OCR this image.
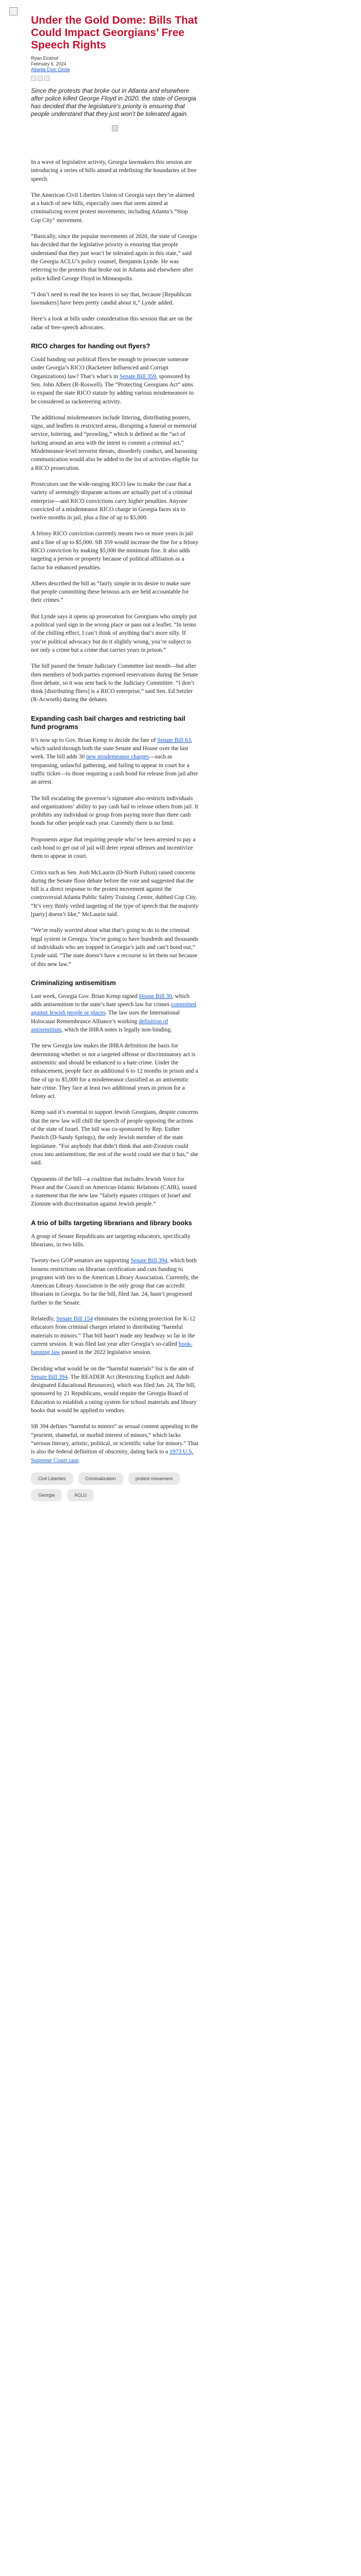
Under the Gold Dome: Bills That Could Impact Georgians’ Free Speech Rights
Ryan Eickhof
February 6, 2024
Atlanta Civic Circle

Since the protests that broke out in Atlanta and elsewhere after police killed George Floyd in 2020, the state of Georgia has decided that the legislature's priority is ensuring that people understand that they just won’t be tolerated again.

In a wave of legislative activity, Georgia lawmakers this session are introducing a series of bills aimed at redefining the boundaries of free speech.

The American Civil Liberties Union of Georgia says they’re alarmed at a batch of new bills, especially ones that seem aimed at criminalizing recent protest movements, including Atlanta’s “Stop Cop City” movement.

“Basically, since the popular movements of 2020, the state of Georgia has decided that the legislative priority is ensuring that people understand that they just won’t be tolerated again in this state,” said the Georgia ACLU’s policy counsel, Benjamin Lynde. He was referring to the protests that broke out in Atlanta and elsewhere after police killed George Floyd in Minneapolis.

“I don’t need to read the tea leaves to say that, because [Republican lawmakers] have been pretty candid about it,” Lynde added.

Here’s a look at bills under consideration this session that are on the radar of free-speech advocates.

RICO charges for handing out flyers?

Could handing out political fliers be enough to prosecute someone under Georgia’s RICO (Racketeer Influenced and Corrupt Organizations) law? That’s what’s in Senate Bill 359, sponsored by Sen. John Albers (R-Roswell). The “Protecting Georgians Act” aims to expand the state RICO statute by adding various misdemeanors to be considered as racketeering activity.

The additional misdemeanors include littering, distributing posters, signs, and leaflets in restricted areas, disrupting a funeral or memorial service, loitering, and “prowling,” which is defined as the “act of lurking around an area with the intent to commit a criminal act.” Misdemeanor-level terrorist threats, disorderly conduct, and harassing communication would also be added to the list of activities eligible for a RICO prosecution.

Prosecutors use the wide-ranging RICO law to make the case that a variety of seemingly disparate actions are actually part of a criminal enterprise—and RICO convictions carry higher penalties. Anyone convicted of a misdemeanor RICO charge in Georgia faces six to twelve months in jail, plus a fine of up to $5,000.

A felony RICO conviction currently means two or more years in jail and a fine of up to $5,000. SB 359 would increase the fine for a felony RICO conviction by making $5,000 the minimum fine. It also adds targeting a person or property because of political affiliation as a factor for enhanced penalties.

Albers described the bill as “fairly simple in its desire to make sure that people committing these heinous acts are held accountable for their crimes.”

But Lynde says it opens up prosecution for Georgians who simply put a political yard sign in the wrong place or pass out a leaflet. “In terms of the chilling effect, I can’t think of anything that’s more silly. If you’re political advocacy but do it slightly wrong, you’re subject to not only a crime but a crime that carries years in prison.”

The bill passed the Senate Judiciary Committee last month—but after then members of both parties expressed reservations during the Senate floor debate, so it was sent back to the Judiciary Committee. “I don’t think [distributing fliers] is a RICO enterprise,” said Sen. Ed Setzler (R-Acworth) during the debates.

Expanding cash bail charges and restricting bail fund programs

It’s now up to Gov. Brian Kemp to decide the fate of Senate Bill 63, which sailed through both the state Senate and House over the last week. The bill adds 30 new misdemeanor charges—such as trespassing, unlawful gathering, and failing to appear in court for a traffic ticket—to those requiring a cash bond for release from jail after an arrest.

The bill escalating the governor’s signature also restricts individuals and organizations’ ability to pay cash bail to release others from jail. It prohibits any individual or group from paying more than three cash bonds for other people each year. Currently there is no limit.

Proponents argue that requiring people who’ve been arrested to pay a cash bond to get out of jail will deter repeat offenses and incentivize them to appear in court.

Critics such as Sen. Josh McLaurin (D-North Fulton) raised concerns during the Senate floor debate before the vote and suggested that the bill is a direct response to the protest movement against the controversial Atlanta Public Safety Training Center, dubbed Cop City. “It’s very thinly veiled targeting of the type of speech that the majority [party] doesn’t like,” McLaurin said.

“We’re really worried about what that’s going to do to the criminal legal system in Georgia. You’re going to have hundreds and thousands of individuals who are trapped in Georgia’s jails and can’t bond out,” Lynde said. “The state doesn’t have a recourse to let them out because of this new law.”

Criminalizing antisemitism

Last week, Georgia Gov. Brian Kemp signed House Bill 30, which adds antisemitism to the state’s hate speech law for crimes committed against Jewish people or places. The law uses the International Holocaust Remembrance Alliance’s working definition of antisemitism, which the IHRA notes is legally non-binding.

The new Georgia law makes the IHRA definition the basis for determining whether or not a targeted offense or discriminatory act is antisemitic and should be enhanced to a hate crime. Under the enhancement, people face an additional 6 to 12 months in prison and a fine of up to $5,000 for a misdemeanor classified as an antisemitic hate crime. They face at least two additional years in prison for a felony act.

Kemp said it’s essential to support Jewish Georgians, despite concerns that the new law will chill the speech of people opposing the actions of the state of Israel. The bill was co-sponsored by Rep. Esther Panitch (D-Sandy Springs), the only Jewish member of the state legislature. “For anybody that didn’t think that anti-Zionism could cross into antisemitism, the rest of the world could see that it has,” she said.

Opponents of the bill—a coalition that includes Jewish Voice for Peace and the Council on American-Islamic Relations (CAIR), issued a statement that the new law “falsely equates critiques of Israel and Zionism with discrimination against Jewish people.”

A trio of bills targeting librarians and library books

A group of Senate Republicans are targeting educators, specifically librarians, in two bills.

Twenty-two GOP senators are supporting Senate Bill 394, which both loosens restrictions on librarian certification and cuts funding to programs with ties to the American Library Association. Currently, the American Library Association is the only group that can accredit librarians in Georgia. So far the bill, filed Jan. 24, hasn’t progressed further in the Senate.

Relatedly, Senate Bill 154 eliminates the existing protection for K-12 educators from criminal charges related to distributing “harmful materials to minors.” That bill hasn’t made any headway so far in the current session. It was filed last year after Georgia’s so-called book-banning law passed in the 2022 legislative session.

Deciding what would be on the “harmful materials” list is the aim of Senate Bill 394. The READER Act (Restricting Explicit and Adult-designated Educational Resources), which was filed Jan. 24, The bill, sponsored by 21 Republicans, would require the Georgia Board of Education to establish a rating system for school materials and library books that would be applied to vendors.

SB 394 defines “harmful to minors” as sexual content appealing to the “prurient, shameful, or morbid interest of minors,” which lacks “serious literary, artistic, political, or scientific value for minors.” That is also the federal definition of obscenity, dating back to a 1973 U.S. Supreme Court case.

Civil Liberties	Criminalization	protest movement
Georgia	ACLU
